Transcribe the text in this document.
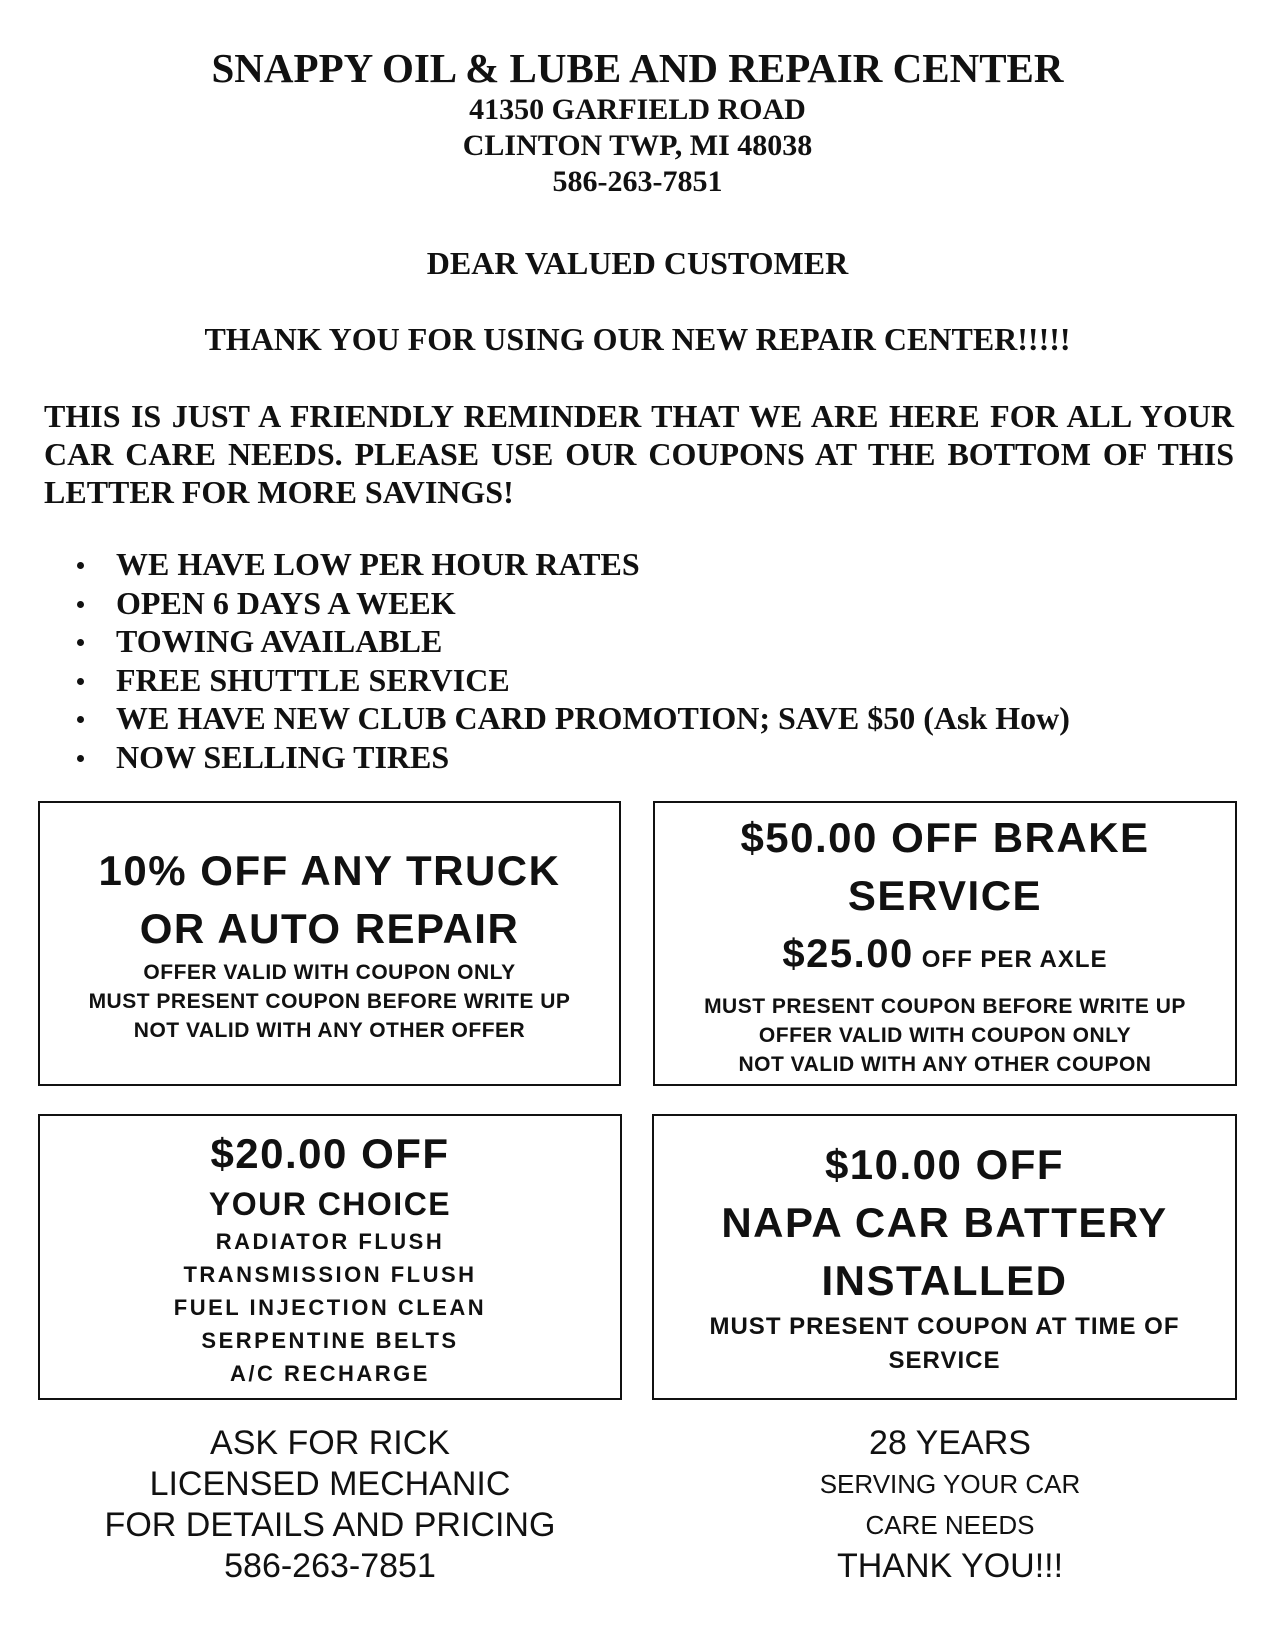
SNAPPY OIL & LUBE AND REPAIR CENTER
41350 GARFIELD ROAD
CLINTON TWP, MI 48038
586-263-7851
DEAR VALUED CUSTOMER
THANK YOU FOR USING OUR NEW REPAIR CENTER!!!!!
THIS IS JUST A FRIENDLY REMINDER THAT WE ARE HERE FOR ALL YOUR CAR CARE NEEDS. PLEASE USE OUR COUPONS AT THE BOTTOM OF THIS LETTER FOR MORE SAVINGS!
WE HAVE LOW PER HOUR RATES
OPEN 6 DAYS A WEEK
TOWING AVAILABLE
FREE SHUTTLE SERVICE
WE HAVE NEW CLUB CARD PROMOTION; SAVE $50 (Ask How)
NOW SELLING TIRES
10% OFF ANY TRUCK
OR AUTO REPAIR
OFFER VALID WITH COUPON ONLY
MUST PRESENT COUPON BEFORE WRITE UP
NOT VALID WITH ANY OTHER OFFER
$50.00 OFF BRAKE
SERVICE
$25.00 OFF PER AXLE
MUST PRESENT COUPON BEFORE WRITE UP
OFFER VALID WITH COUPON ONLY
NOT VALID WITH ANY OTHER COUPON
$20.00 OFF
YOUR CHOICE
RADIATOR FLUSH
TRANSMISSION FLUSH
FUEL INJECTION CLEAN
SERPENTINE BELTS
A/C RECHARGE
$10.00 OFF
NAPA CAR BATTERY
INSTALLED
MUST PRESENT COUPON AT TIME OF
SERVICE
ASK FOR RICK
LICENSED MECHANIC
FOR DETAILS AND PRICING
586-263-7851
28 YEARS
SERVING YOUR CAR
CARE NEEDS
THANK YOU!!!
